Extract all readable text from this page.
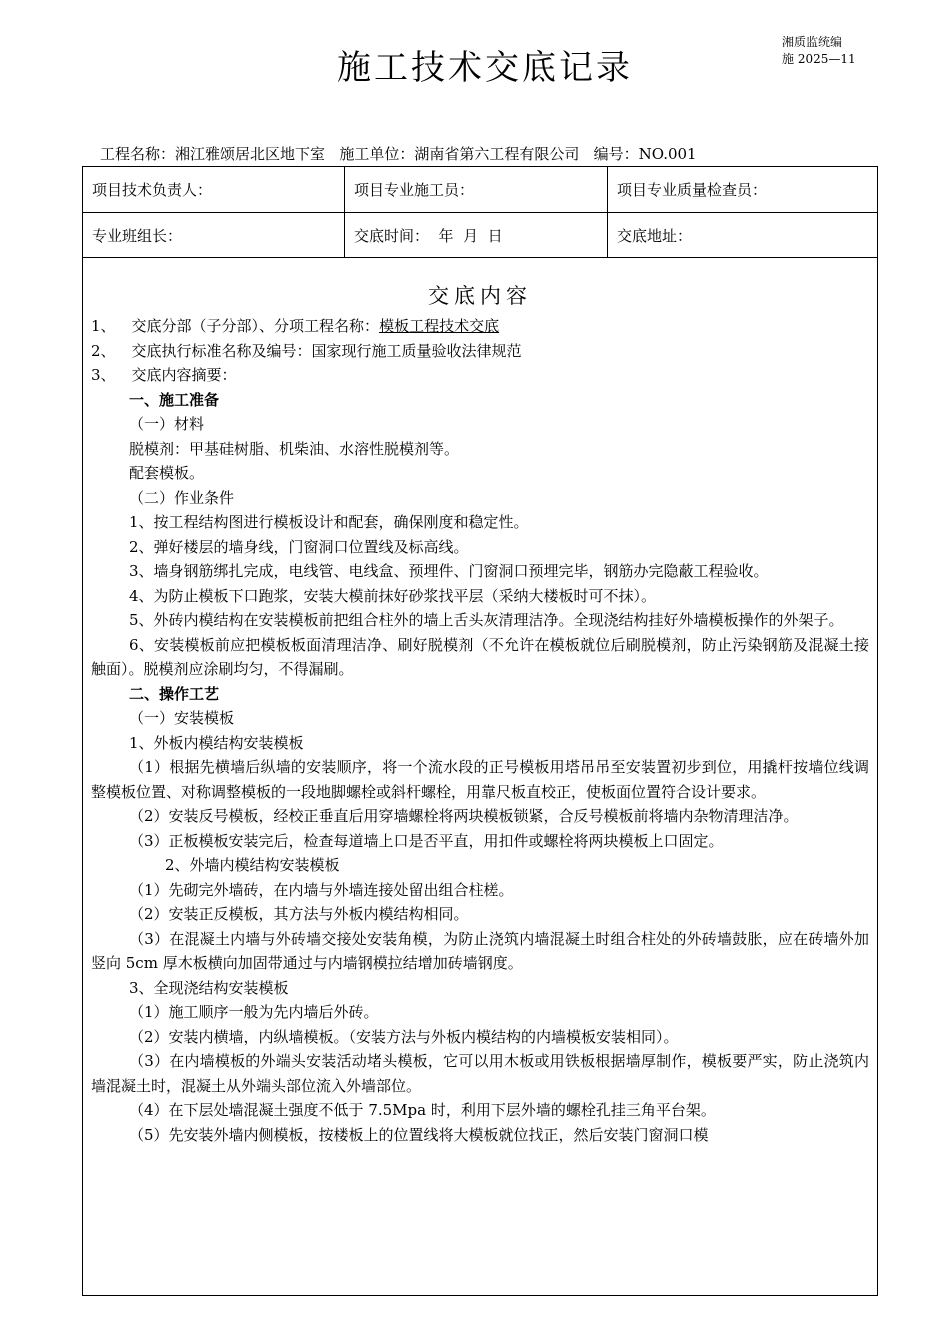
湘质监统编
施 2025—11
施工技术交底记录
工程名称：湘江雅颂居北区地下室 施工单位：湖南省第六工程有限公司 编号：NO.001
项目技术负责人：	项目专业施工员：	项目专业质量检查员：
专业班组长：	交底时间：  年  月  日	交底地址：
交底内容

1、 交底分部（子分部）、分项工程名称：模板工程技术交底

2、 交底执行标准名称及编号：国家现行施工质量验收法律规范

3、 交底内容摘要：

一、施工准备

（一）材料

脱模剂：甲基硅树脂、机柴油、水溶性脱模剂等。

配套模板。

（二）作业条件

1、按工程结构图进行模板设计和配套，确保刚度和稳定性。

2、弹好楼层的墙身线，门窗洞口位置线及标高线。

3、墙身钢筋绑扎完成，电线管、电线盒、预埋件、门窗洞口预埋完毕，钢筋办完隐蔽工程验收。

4、为防止模板下口跑浆，安装大模前抹好砂浆找平层（采纳大楼板时可不抹）。

5、外砖内模结构在安装模板前把组合柱外的墙上舌头灰清理洁净。全现浇结构挂好外墙模板操作的外架子。

6、安装模板前应把模板板面清理洁净、刷好脱模剂（不允许在模板就位后刷脱模剂，防止污染钢筋及混凝土接触面）。脱模剂应涂刷均匀，不得漏刷。

二、操作工艺

（一）安装模板

1、外板内模结构安装模板

（1）根据先横墙后纵墙的安装顺序，将一个流水段的正号模板用塔吊吊至安装置初步到位，用撬杆按墙位线调整模板位置、对称调整模板的一段地脚螺栓或斜杆螺栓，用靠尺板直校正，使板面位置符合设计要求。

（2）安装反号模板，经校正垂直后用穿墙螺栓将两块模板锁紧，合反号模板前将墙内杂物清理洁净。

（3）正板模板安装完后，检查每道墙上口是否平直，用扣件或螺栓将两块模板上口固定。

2、外墙内模结构安装模板

（1）先砌完外墙砖，在内墙与外墙连接处留出组合柱槎。

（2）安装正反模板，其方法与外板内模结构相同。

（3）在混凝土内墙与外砖墙交接处安装角模，为防止浇筑内墙混凝土时组合柱处的外砖墙鼓胀，应在砖墙外加竖向 5cm 厚木板横向加固带通过与内墙钢模拉结增加砖墙钢度。

3、全现浇结构安装模板

（1）施工顺序一般为先内墙后外砖。

（2）安装内横墙，内纵墙模板。（安装方法与外板内模结构的内墙模板安装相同）。

（3）在内墙模板的外端头安装活动堵头模板，它可以用木板或用铁板根据墙厚制作，模板要严实，防止浇筑内墙混凝土时，混凝土从外端头部位流入外墙部位。

（4）在下层处墙混凝土强度不低于 7.5Mpa 时，利用下层外墙的螺栓孔挂三角平台架。

（5）先安装外墙内侧模板，按楼板上的位置线将大模板就位找正，然后安装门窗洞口模
